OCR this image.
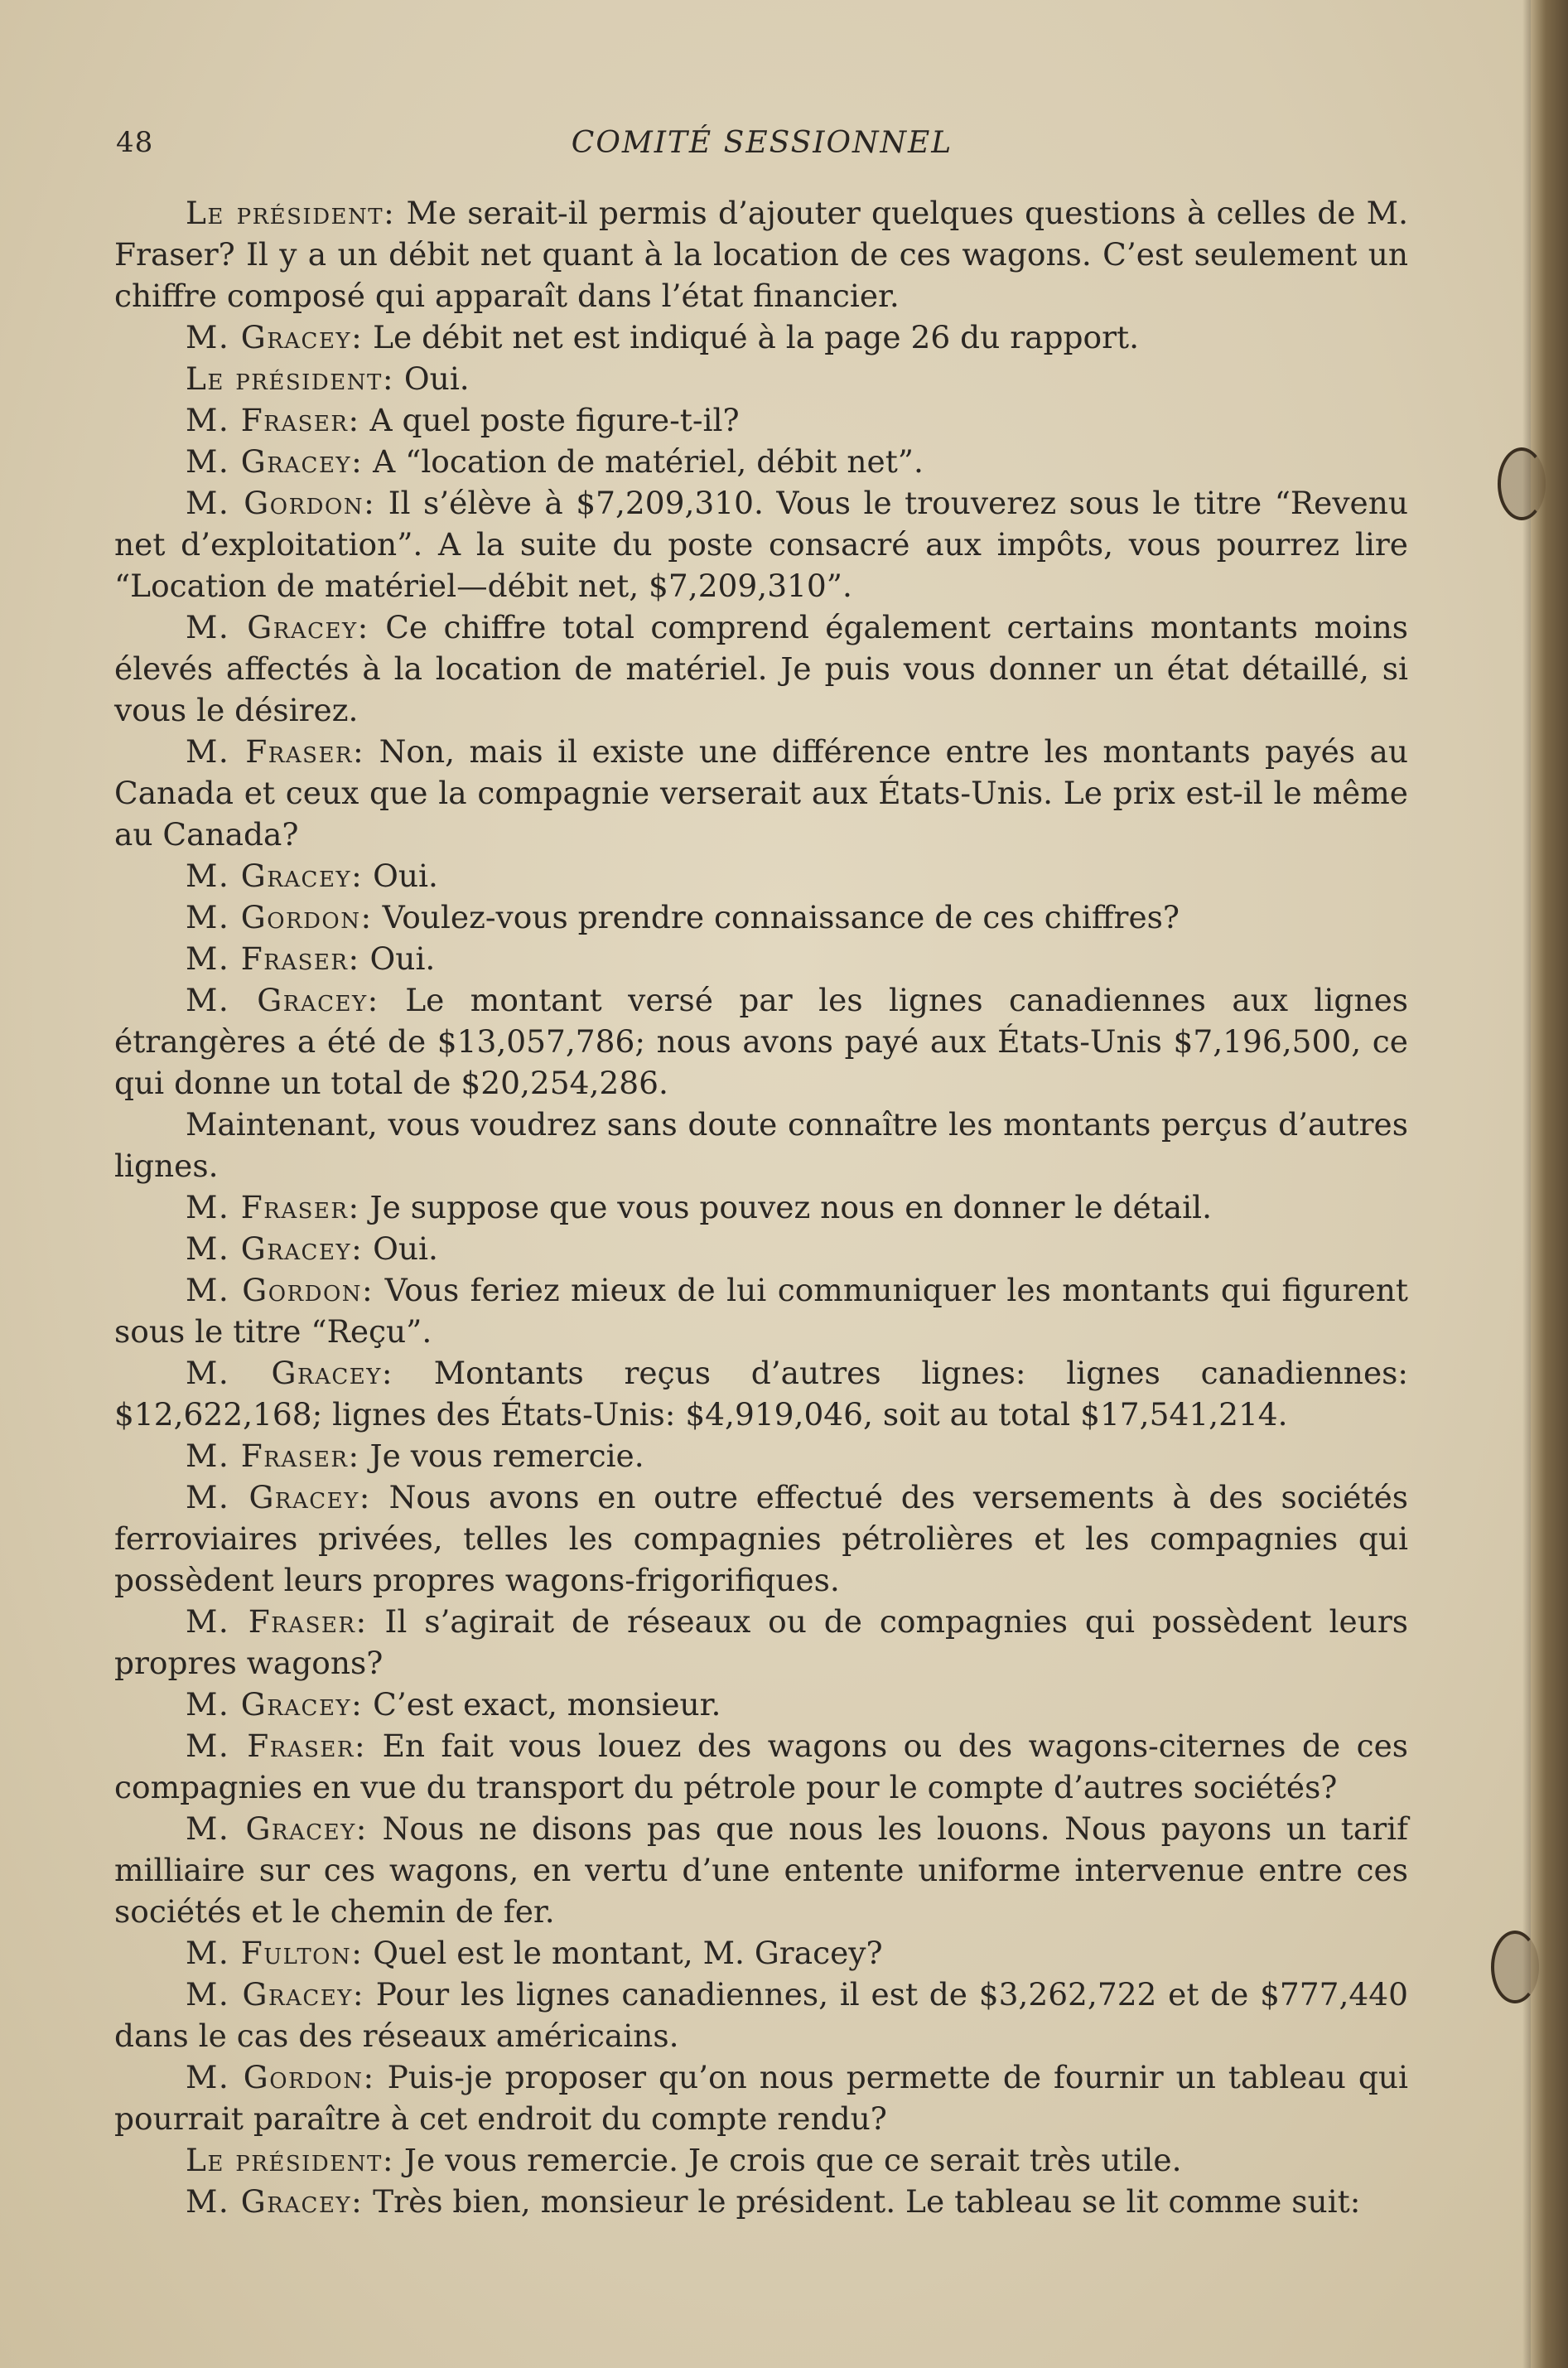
48	COMITÉ SESSIONNEL

Le président: Me serait-il permis d’ajouter quelques questions à celles de M. Fraser? Il y a un débit net quant à la location de ces wagons. C’est seulement un chiffre composé qui apparaît dans l’état financier.

M. Gracey: Le débit net est indiqué à la page 26 du rapport.

Le président: Oui.

M. Fraser: A quel poste figure-t-il?

M. Gracey: A “location de matériel, débit net”.

M. Gordon: Il s’élève à $7,209,310. Vous le trouverez sous le titre “Revenu net d’exploitation”. A la suite du poste consacré aux impôts, vous pourrez lire “Location de matériel—débit net, $7,209,310”.

M. Gracey: Ce chiffre total comprend également certains montants moins élevés affectés à la location de matériel. Je puis vous donner un état détaillé, si vous le désirez.

M. Fraser: Non, mais il existe une différence entre les montants payés au Canada et ceux que la compagnie verserait aux États-Unis. Le prix est-il le même au Canada?

M. Gracey: Oui.

M. Gordon: Voulez-vous prendre connaissance de ces chiffres?

M. Fraser: Oui.

M. Gracey: Le montant versé par les lignes canadiennes aux lignes étrangères a été de $13,057,786; nous avons payé aux États-Unis $7,196,500, ce qui donne un total de $20,254,286.

Maintenant, vous voudrez sans doute connaître les montants perçus d’autres lignes.

M. Fraser: Je suppose que vous pouvez nous en donner le détail.

M. Gracey: Oui.

M. Gordon: Vous feriez mieux de lui communiquer les montants qui figurent sous le titre “Reçu”.

M. Gracey: Montants reçus d’autres lignes: lignes canadiennes: $12,622,168; lignes des États-Unis: $4,919,046, soit au total $17,541,214.

M. Fraser: Je vous remercie.

M. Gracey: Nous avons en outre effectué des versements à des sociétés ferroviaires privées, telles les compagnies pétrolières et les compagnies qui possèdent leurs propres wagons-frigorifiques.

M. Fraser: Il s’agirait de réseaux ou de compagnies qui possèdent leurs propres wagons?

M. Gracey: C’est exact, monsieur.

M. Fraser: En fait vous louez des wagons ou des wagons-citernes de ces compagnies en vue du transport du pétrole pour le compte d’autres sociétés?

M. Gracey: Nous ne disons pas que nous les louons. Nous payons un tarif milliaire sur ces wagons, en vertu d’une entente uniforme intervenue entre ces sociétés et le chemin de fer.

M. Fulton: Quel est le montant, M. Gracey?

M. Gracey: Pour les lignes canadiennes, il est de $3,262,722 et de $777,440 dans le cas des réseaux américains.

M. Gordon: Puis-je proposer qu’on nous permette de fournir un tableau qui pourrait paraître à cet endroit du compte rendu?

Le président: Je vous remercie. Je crois que ce serait très utile.

M. Gracey: Très bien, monsieur le président. Le tableau se lit comme suit:
